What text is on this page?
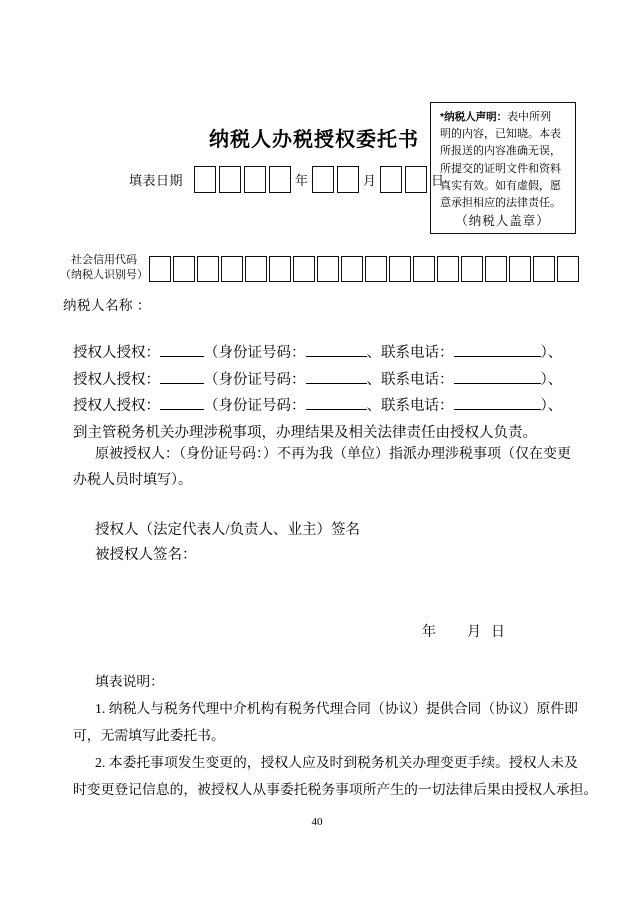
纳税人办税授权委托书
填表日期	年	月	日
*纳税人声明：表中所列
明的内容，已知晓。本表
所报送的内容准确无误，
所提交的证明文件和资料
真实有效。如有虚假，愿
意承担相应的法律责任。
（纳税人盖章）
社会信用代码
（纳税人识别号）
纳税人名称 ：
授权人授权：	（身份证号码：	、联系电话：	）、
授权人授权：	（身份证号码：	、联系电话：	）、
授权人授权：	（身份证号码：	、联系电话：	）、
到主管税务机关办理涉税事项，办理结果及相关法律责任由授权人负责。
原被授权人：（身份证号码：）不再为我（单位）指派办理涉税事项（仅在变更
办税人员时填写）。
授权人（法定代表人/负责人、业主）签名
被授权人签名：
年 月 日
填表说明：
1. 纳税人与税务代理中介机构有税务代理合同（协议）提供合同（协议）原件即
可，无需填写此委托书。
2. 本委托事项发生变更的，授权人应及时到税务机关办理变更手续。授权人未及
时变更登记信息的，被授权人从事委托税务事项所产生的一切法律后果由授权人承担。
40
